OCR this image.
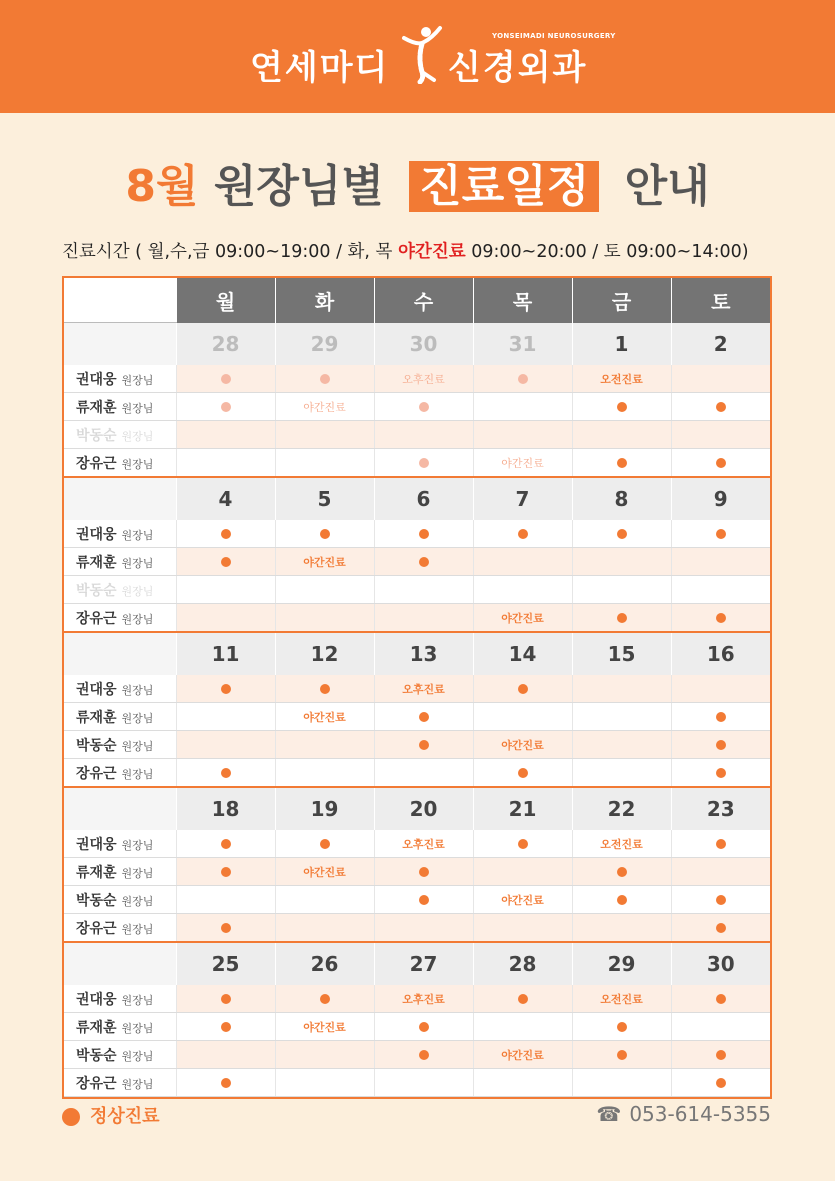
연세마디
YONSEIMADI NEUROSURGERY
신경외과
8월 원장님별 진료일정 안내
진료시간 ( 월,수,금 09:00~19:00 / 화, 목 야간진료 09:00~20:00 / 토 09:00~14:00)
	월	화	수	목	금	토
	28	29	30	31	1	2
권대웅 원장님			오후진료		오전진료	
류재훈 원장님		야간진료				
박동순 원장님						
장유근 원장님				야간진료		
	4	5	6	7	8	9
권대웅 원장님						
류재훈 원장님		야간진료				
박동순 원장님						
장유근 원장님				야간진료		
	11	12	13	14	15	16
권대웅 원장님			오후진료			
류재훈 원장님		야간진료				
박동순 원장님				야간진료		
장유근 원장님						
	18	19	20	21	22	23
권대웅 원장님			오후진료		오전진료	
류재훈 원장님		야간진료				
박동순 원장님				야간진료		
장유근 원장님						
	25	26	27	28	29	30
권대웅 원장님			오후진료		오전진료	
류재훈 원장님		야간진료				
박동순 원장님				야간진료		
장유근 원장님						
정상진료	☎ 053-614-5355
